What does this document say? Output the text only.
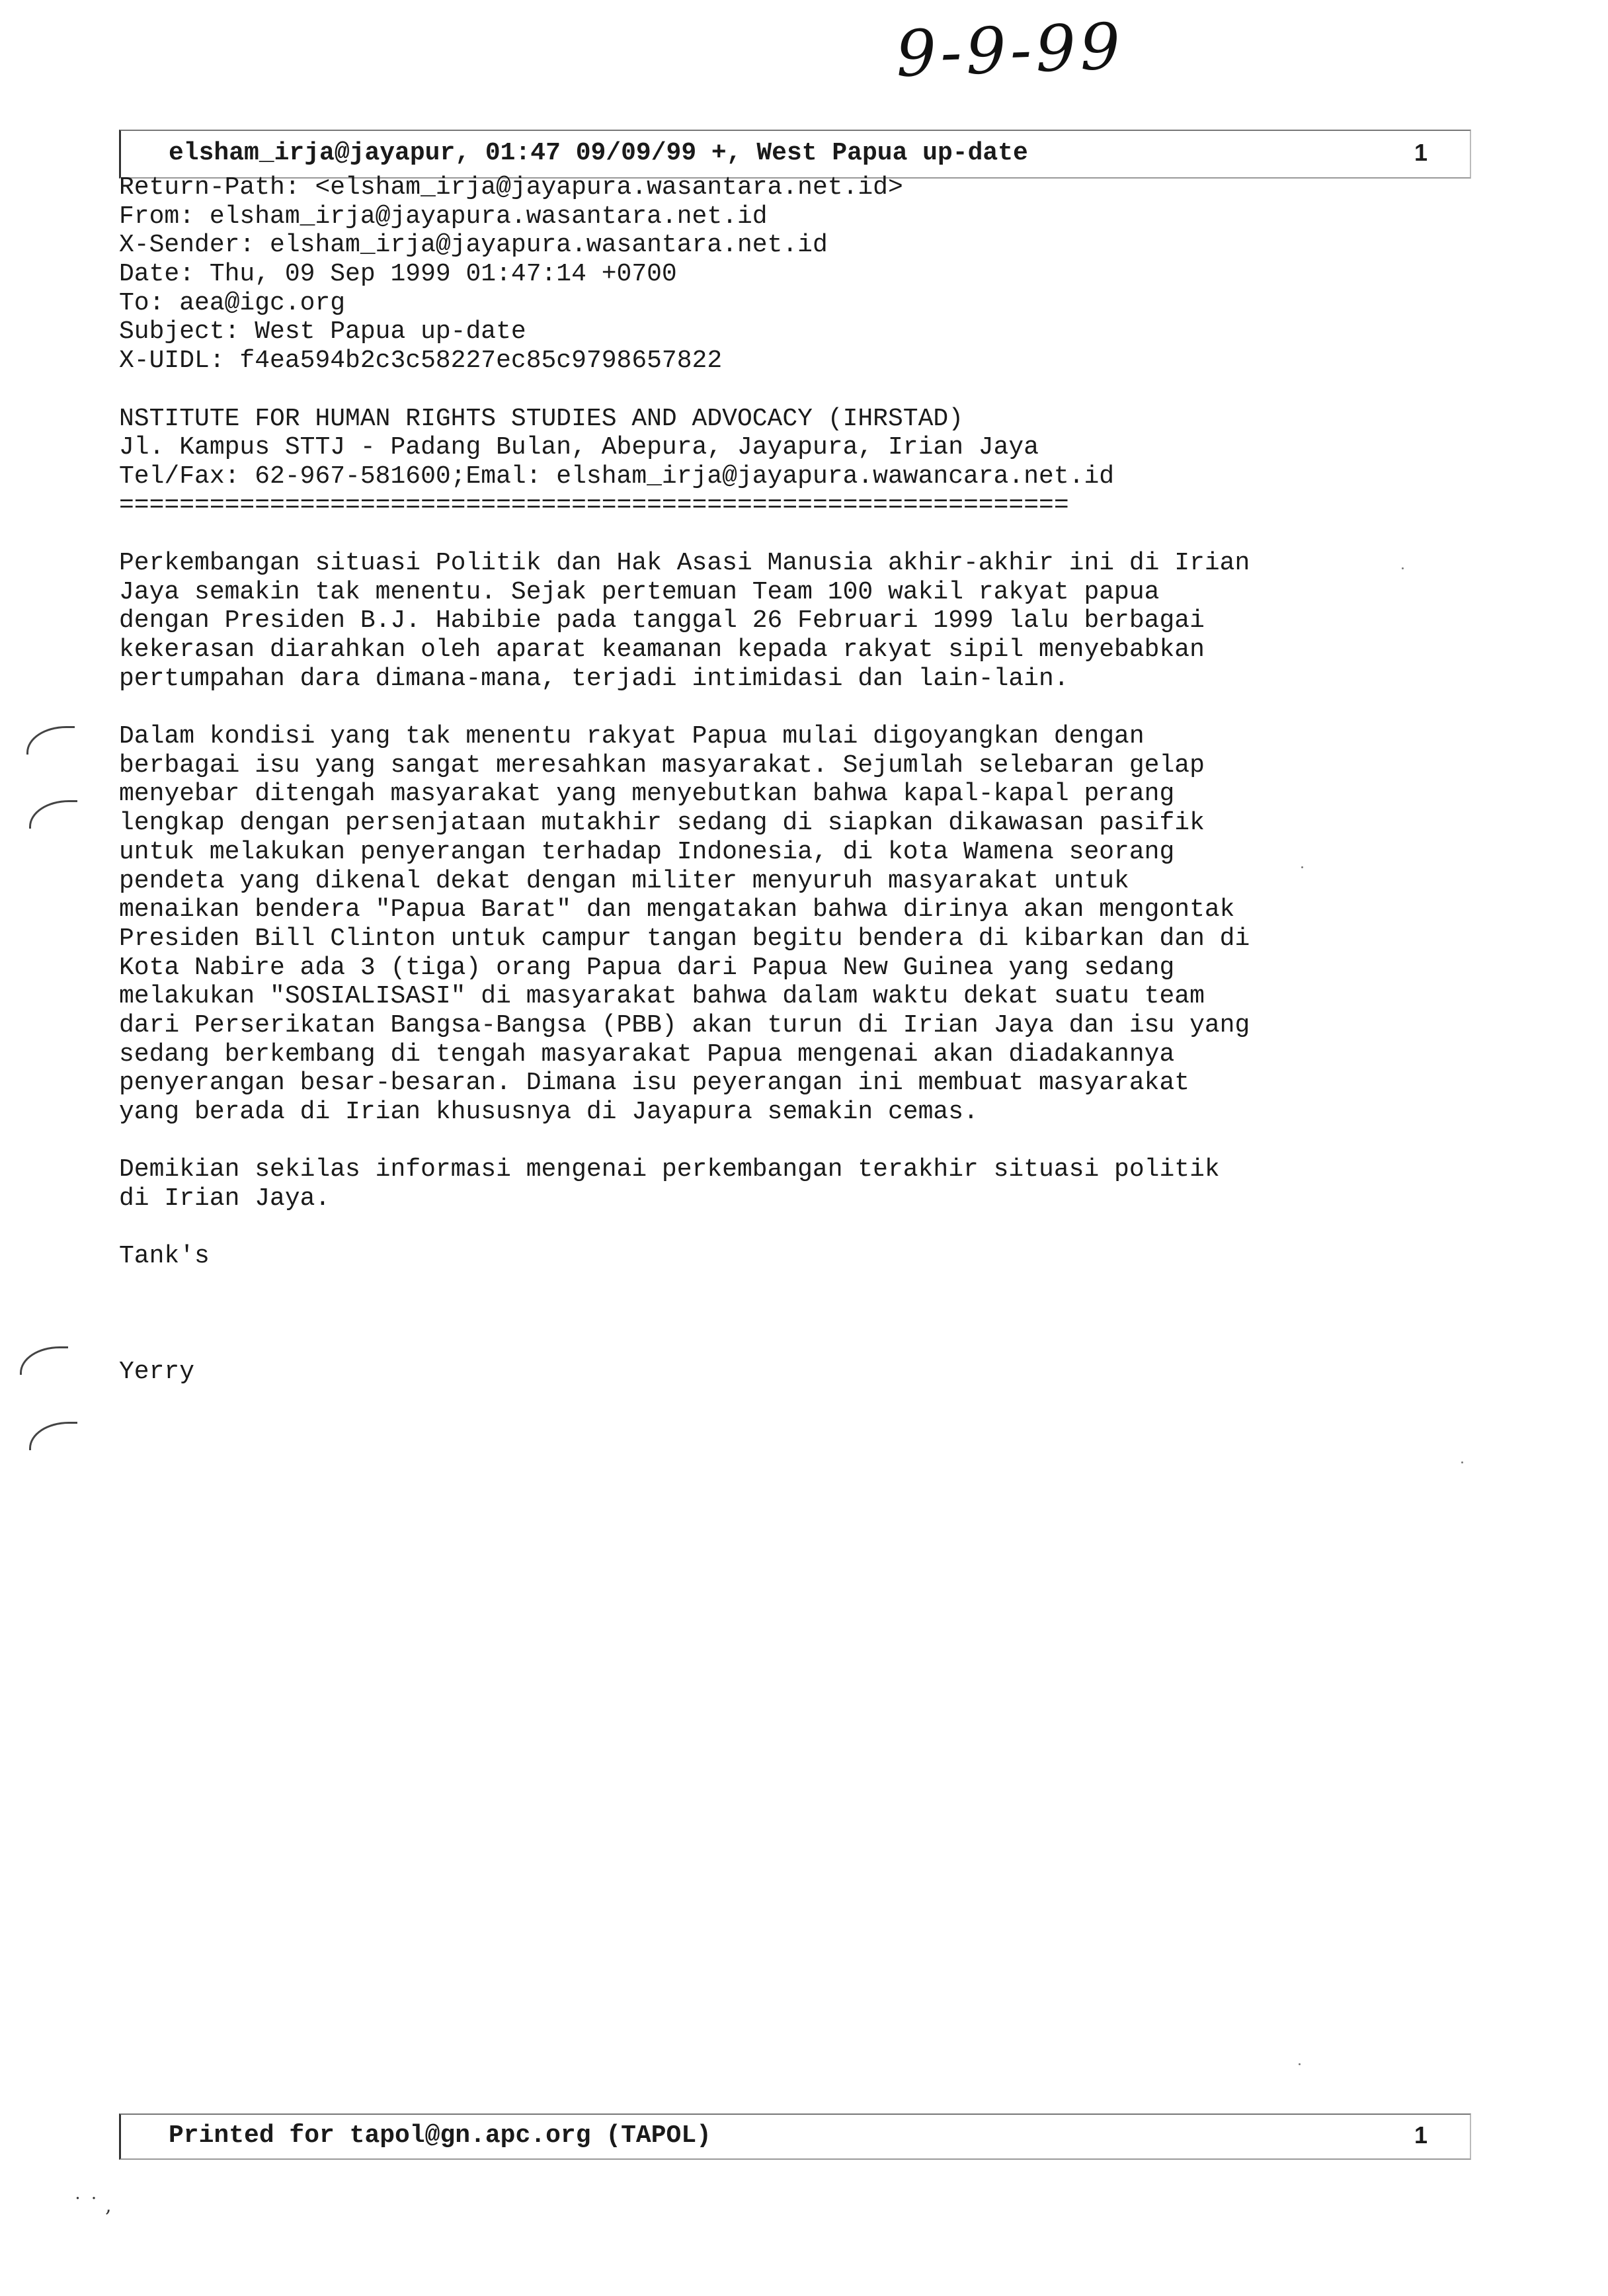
9-9-99
elsham_irja@jayapur, 01:47 09/09/99 +, West Papua up-date	1
Return-Path: <elsham_irja@jayapura.wasantara.net.id>
From: elsham_irja@jayapura.wasantara.net.id
X-Sender: elsham_irja@jayapura.wasantara.net.id
Date: Thu, 09 Sep 1999 01:47:14 +0700
To: aea@igc.org
Subject: West Papua up-date
X-UIDL: f4ea594b2c3c58227ec85c9798657822
NSTITUTE FOR HUMAN RIGHTS STUDIES AND ADVOCACY (IHRSTAD)
Jl. Kampus STTJ - Padang Bulan, Abepura, Jayapura, Irian Jaya
Tel/Fax: 62-967-581600;Emal: elsham_irja@jayapura.wawancara.net.id
===============================================================
Perkembangan situasi Politik dan Hak Asasi Manusia akhir-akhir ini di Irian
Jaya semakin tak menentu. Sejak pertemuan Team 100 wakil rakyat papua
dengan Presiden B.J. Habibie pada tanggal 26 Februari 1999 lalu berbagai
kekerasan diarahkan oleh aparat keamanan kepada rakyat sipil menyebabkan
pertumpahan dara dimana-mana, terjadi intimidasi dan lain-lain.
Dalam kondisi yang tak menentu rakyat Papua mulai digoyangkan dengan
berbagai isu yang sangat meresahkan masyarakat. Sejumlah selebaran gelap
menyebar ditengah masyarakat yang menyebutkan bahwa kapal-kapal perang
lengkap dengan persenjataan mutakhir sedang di siapkan dikawasan pasifik
untuk melakukan penyerangan terhadap Indonesia, di kota Wamena seorang
pendeta yang dikenal dekat dengan militer menyuruh masyarakat untuk
menaikan bendera "Papua Barat" dan mengatakan bahwa dirinya akan mengontak
Presiden Bill Clinton untuk campur tangan begitu bendera di kibarkan dan di
Kota Nabire ada 3 (tiga) orang Papua dari Papua New Guinea yang sedang
melakukan "SOSIALISASI" di masyarakat bahwa dalam waktu dekat suatu team
dari Perserikatan Bangsa-Bangsa (PBB) akan turun di Irian Jaya dan isu yang
sedang berkembang di tengah masyarakat Papua mengenai akan diadakannya
penyerangan besar-besaran. Dimana isu peyerangan ini membuat masyarakat
yang berada di Irian khususnya di Jayapura semakin cemas.
Demikian sekilas informasi mengenai perkembangan terakhir situasi politik
di Irian Jaya.
Tank's
Yerry
Printed for tapol@gn.apc.org (TAPOL)	1
˙ ˙ ,
